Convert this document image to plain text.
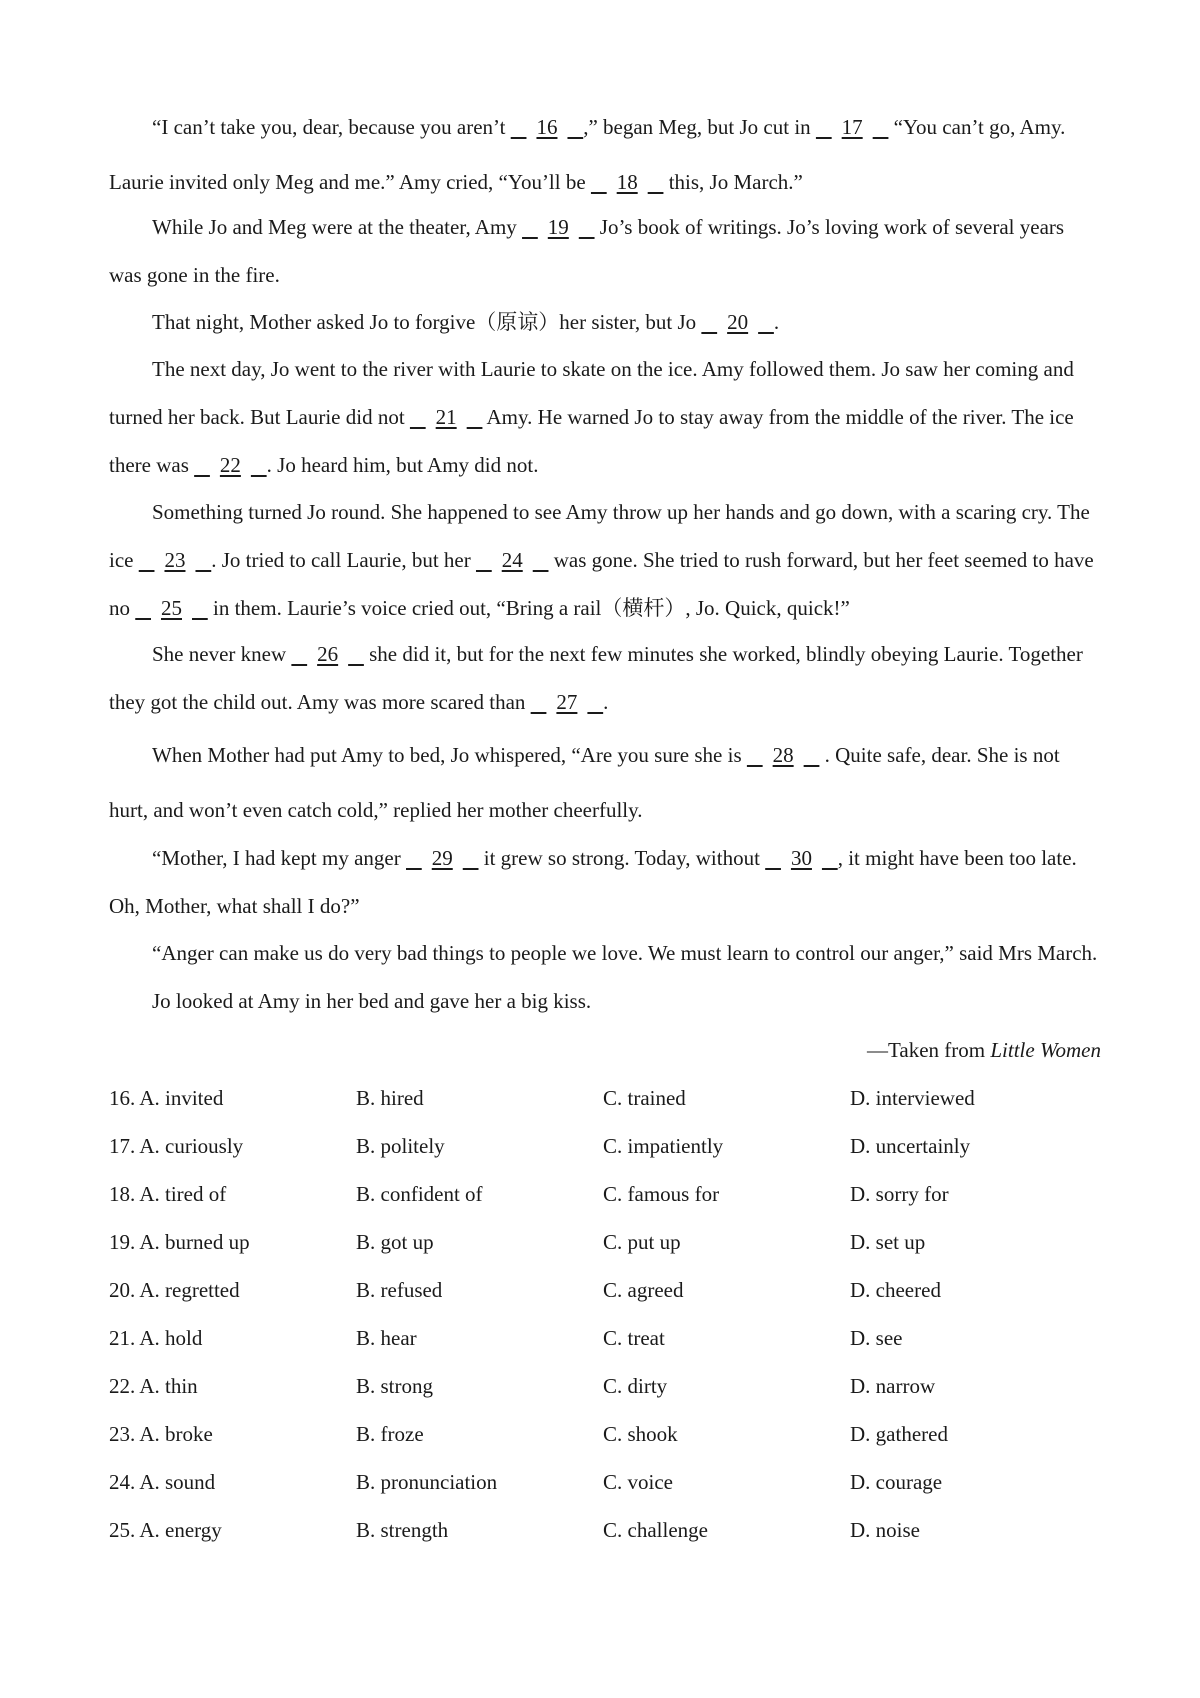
“I can’t take you, dear, because you aren’t    16 ,” began Meg, but Jo cut in    17    “You can’t go, Amy. Laurie invited only Meg and me.” Amy cried, “You’ll be    18    this, Jo March.”

While Jo and Meg were at the theater, Amy    19    Jo’s book of writings. Jo’s loving work of several years was gone in the fire.

That night, Mother asked Jo to forgive（原谅）her sister, but Jo    20 .

The next day, Jo went to the river with Laurie to skate on the ice. Amy followed them. Jo saw her coming and turned her back. But Laurie did not    21    Amy. He warned Jo to stay away from the middle of the river. The ice there was    22 . Jo heard him, but Amy did not.

Something turned Jo round. She happened to see Amy throw up her hands and go down, with a scaring cry. The ice    23 . Jo tried to call Laurie, but her    24    was gone. She tried to rush forward, but her feet seemed to have no    25    in them. Laurie’s voice cried out, “Bring a rail（横杆）, Jo. Quick, quick!”

She never knew    26    she did it, but for the next few minutes she worked, blindly obeying Laurie. Together they got the child out. Amy was more scared than    27 .

When Mother had put Amy to bed, Jo whispered, “Are you sure she is    28    . Quite safe, dear. She is not hurt, and won’t even catch cold,” replied her mother cheerfully.

“Mother, I had kept my anger    29    it grew so strong. Today, without    30 , it might have been too late. Oh, Mother, what shall I do?”

“Anger can make us do very bad things to people we love. We must learn to control our anger,” said Mrs March.

Jo looked at Amy in her bed and gave her a big kiss.

—Taken from Little Women
16. A. invited	B. hired	C. trained	D. interviewed
17. A. curiously	B. politely	C. impatiently	D. uncertainly
18. A. tired of	B. confident of	C. famous for	D. sorry for
19. A. burned up	B. got up	C. put up	D. set up
20. A. regretted	B. refused	C. agreed	D. cheered
21. A. hold	B. hear	C. treat	D. see
22. A. thin	B. strong	C. dirty	D. narrow
23. A. broke	B. froze	C. shook	D. gathered
24. A. sound	B. pronunciation	C. voice	D. courage
25. A. energy	B. strength	C. challenge	D. noise
